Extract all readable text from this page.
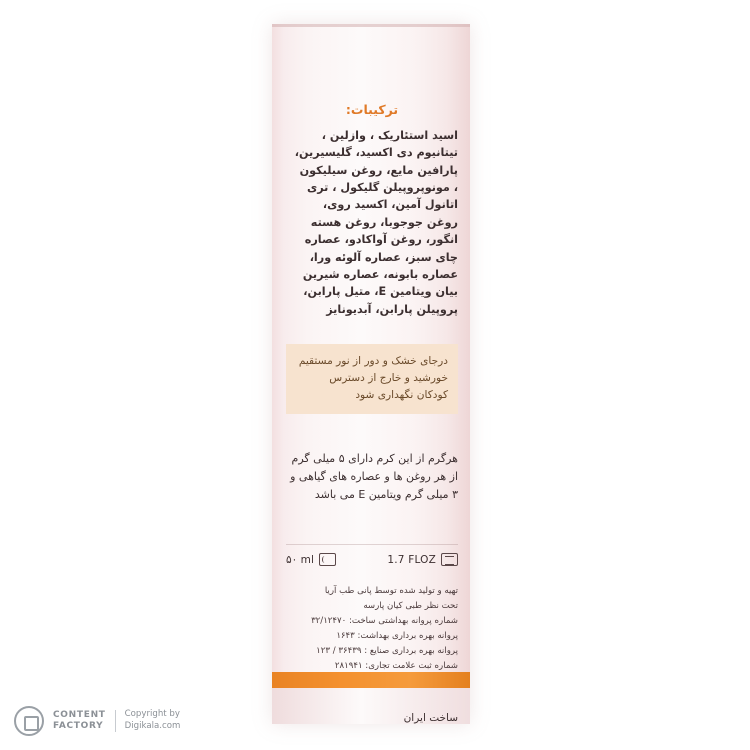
ترکیبات:
اسید استئاریک ، وازلین ، تیتانیوم دی اکسید، گلیسیرین، پارافین مایع، روغن سیلیکون ، مونوپروپیلن گلیکول ، تری اتانول آمین، اکسید روی، روغن جوجوبا، روغن هسته انگور، روغن آواکادو، عصاره چای سبز، عصاره آلوئه ورا، عصاره بابونه، عصاره شیرین بیان ویتامین E، متیل پارابن، پروپیلن پارابن، آبدیونایز
درجای خشک و دور از نور مستقیم خورشید و خارج از دسترس کودکان نگهداری شود
هرگرم از این کرم دارای ۵ میلی گرم از هر روغن ها و عصاره های گیاهی و ۳ میلی گرم ویتامین E می باشد
۵۰ ml	1.7 FLOZ
تهیه و تولید شده توسط پانی طب آریا
تحت نظر طبی کیان پارسه
شماره پروانه بهداشتی ساخت: ۳۲/۱۲۴۷۰
پروانه بهره برداری بهداشت: ۱۶۴۳
پروانه بهره برداری صنایع : ۳۶۴۳۹ / ۱۲۳
شماره ثبت علامت تجاری: ۲۸۱۹۴۱
ساخت ایران
CONTENT
FACTORY
Copyright by
Digikala.com
